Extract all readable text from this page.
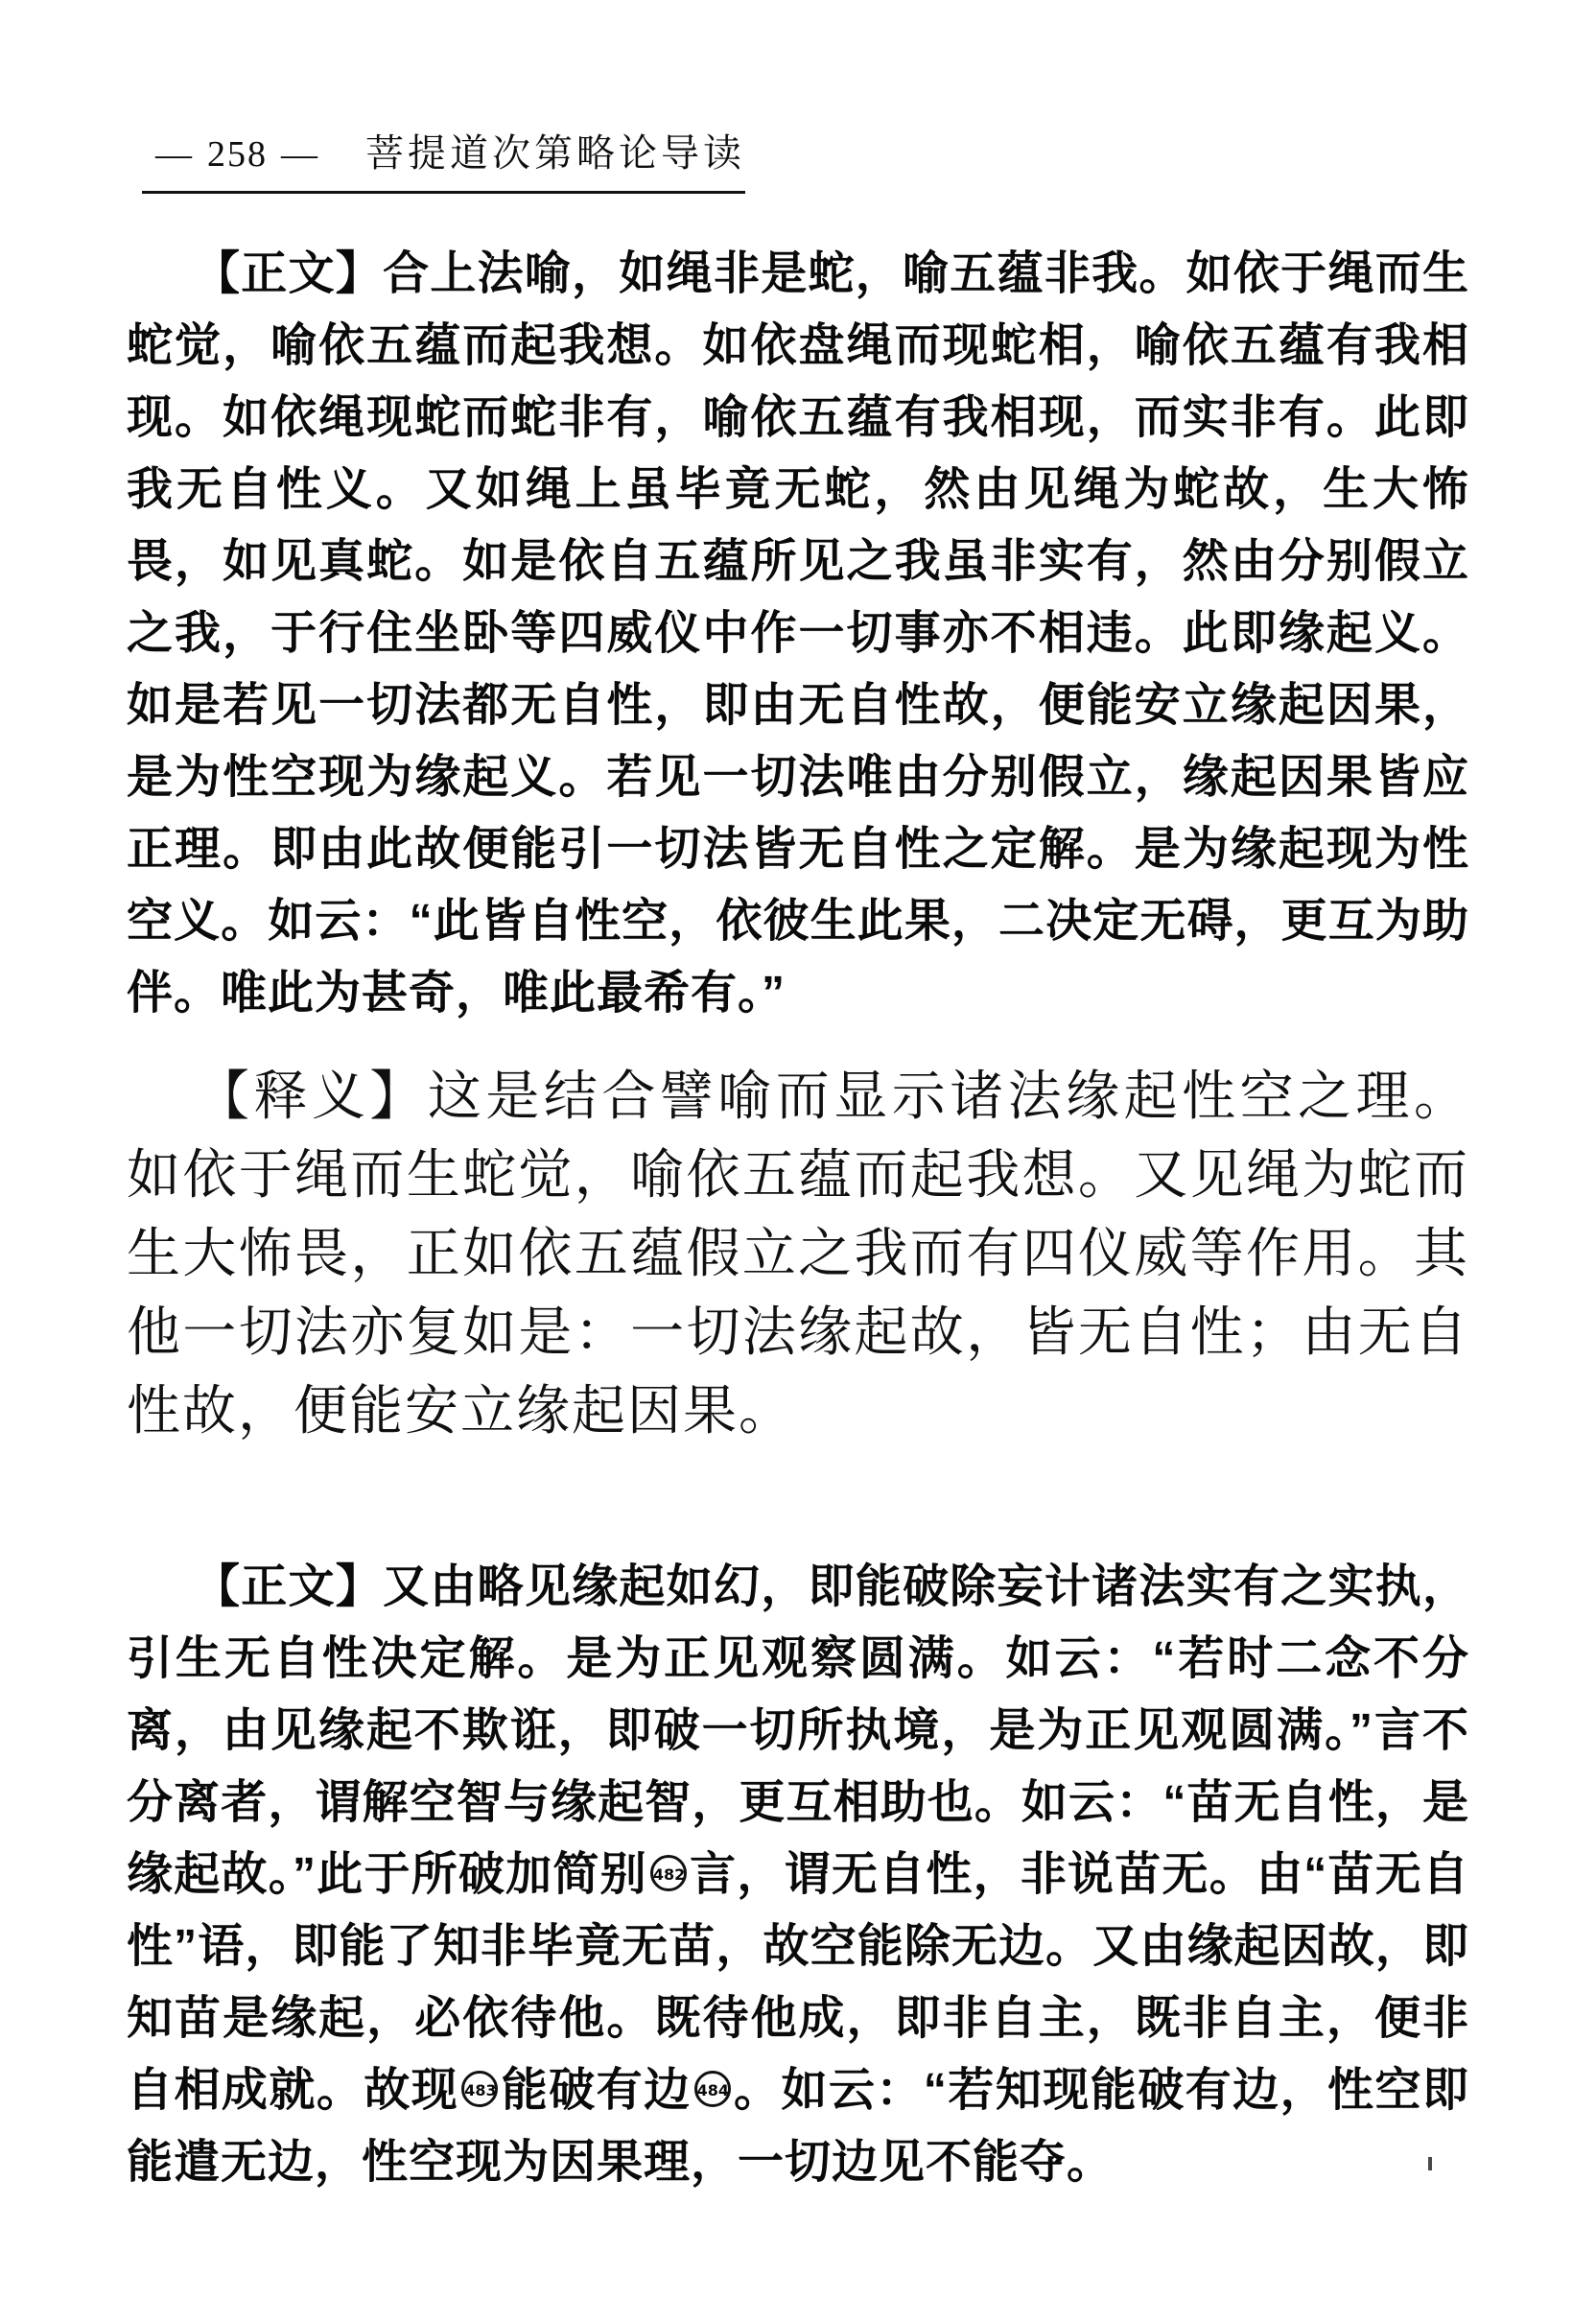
— 258 — 菩提道次第略论导读

【正文】合上法喻，如绳非是蛇，喻五蕴非我。如依于绳而生蛇觉，喻依五蕴而起我想。如依盘绳而现蛇相，喻依五蕴有我相现。如依绳现蛇而蛇非有，喻依五蕴有我相现，而实非有。此即我无自性义。又如绳上虽毕竟无蛇，然由见绳为蛇故，生大怖畏，如见真蛇。如是依自五蕴所见之我虽非实有，然由分别假立之我，于行住坐卧等四威仪中作一切事亦不相违。此即缘起义。如是若见一切法都无自性，即由无自性故，便能安立缘起因果，是为性空现为缘起义。若见一切法唯由分别假立，缘起因果皆应正理。即由此故便能引一切法皆无自性之定解。是为缘起现为性空义。如云：“此皆自性空，依彼生此果，二决定无碍，更互为助伴。唯此为甚奇，唯此最希有。”

【释义】这是结合譬喻而显示诸法缘起性空之理。如依于绳而生蛇觉，喻依五蕴而起我想。又见绳为蛇而生大怖畏，正如依五蕴假立之我而有四仪威等作用。其他一切法亦复如是：一切法缘起故，皆无自性；由无自性故，便能安立缘起因果。

【正文】又由略见缘起如幻，即能破除妄计诸法实有之实执，引生无自性决定解。是为正见观察圆满。如云：“若时二念不分离，由见缘起不欺诳，即破一切所执境，是为正见观圆满。”言不分离者，谓解空智与缘起智，更互相助也。如云：“苗无自性，是缘起故。”此于所破加简别 482言，谓无自性，非说苗无。由“苗无自性”语，即能了知非毕竟无苗，故空能除无边。又由缘起因故，即知苗是缘起，必依待他。既待他成，即非自主，既非自主，便非自相成就。故现 483能破有边 484。如云：“若知现能破有边，性空即能遣无边，性空现为因果理，一切边见不能夺。
